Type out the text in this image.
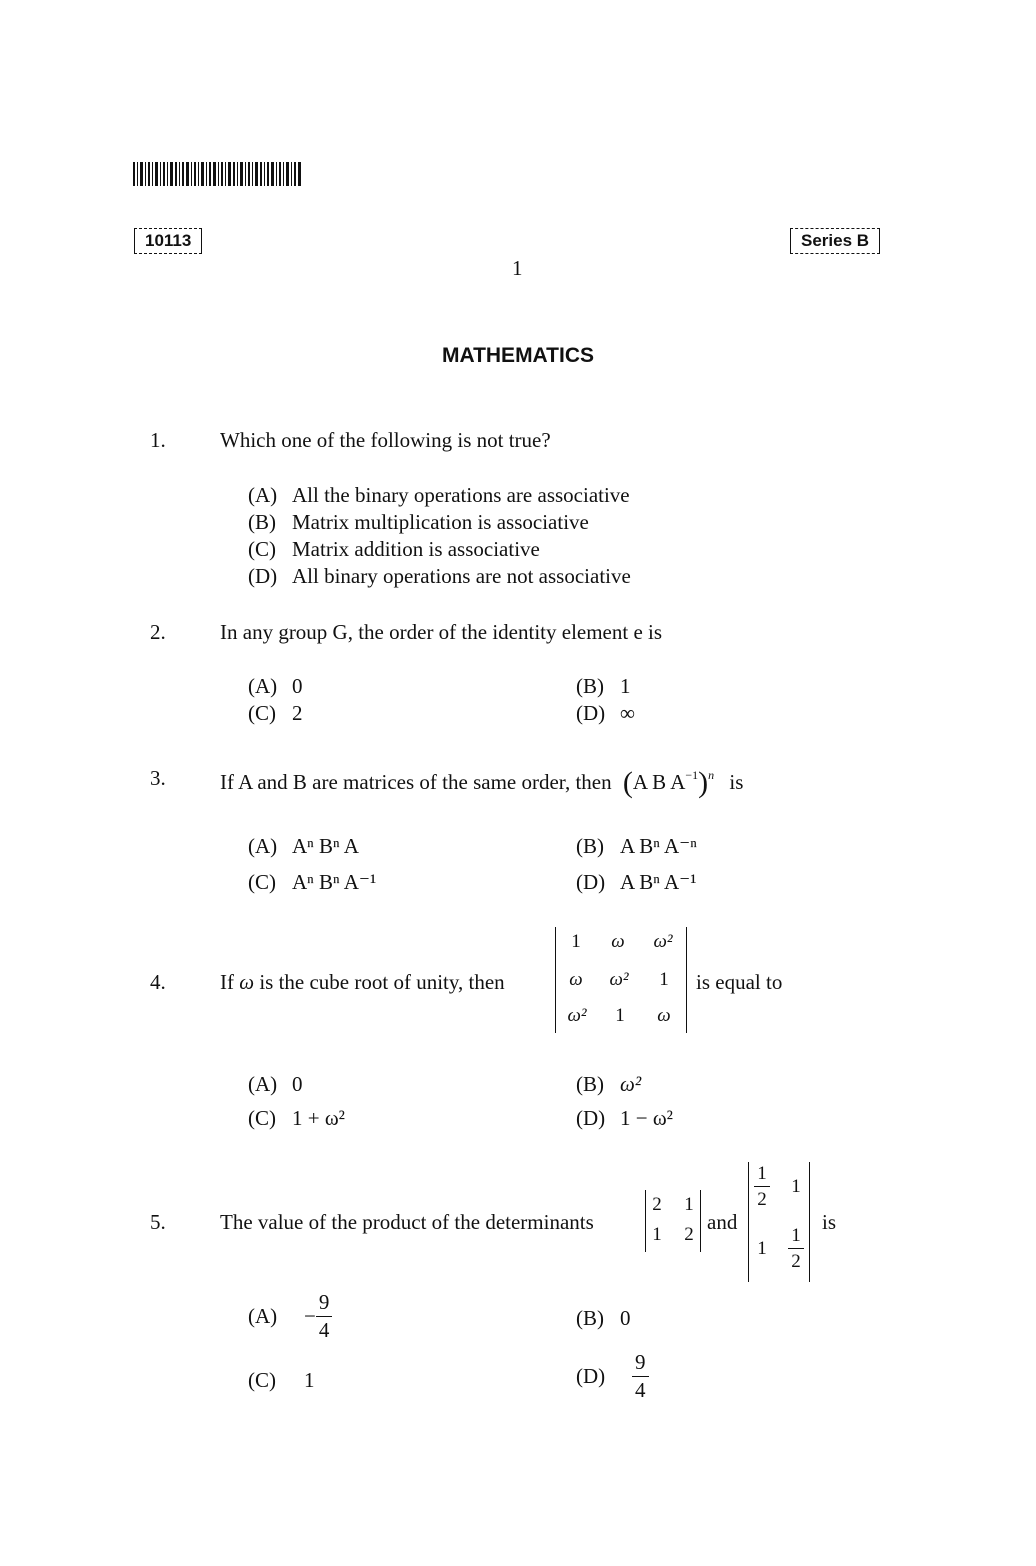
10113	Series B
1
MATHEMATICS
1.	Which one of the following is not true?
(A) All the binary operations are associative
(B) Matrix multiplication is associative
(C) Matrix addition is associative
(D) All binary operations are not associative
2.	In any group G, the order of the identity element e is
(A) 0	(B) 1
(C) 2	(D) ∞
3.	If A and B are matrices of the same order, then (A B $A^{-1})^n$ is
(A) Aⁿ Bⁿ A	(B) A Bⁿ A⁻ⁿ
(C) Aⁿ Bⁿ A⁻¹	(D) A Bⁿ A⁻¹
4.	If ω is the cube root of unity, then
1	ω	ω²
ω	ω²	1
ω²	1	ω
is equal to
(A) 0	(B) ω²
(C) 1 + ω²	(D) 1 − ω²
5.	The value of the product of the determinants
2 1
1 2
and
$\frac{1}{2} 1$
1	$\frac{1}{2}$
is
$(A) - \frac{9}{4}$	(B) 0
(C) 1	$(D) \frac{9}{4}$
